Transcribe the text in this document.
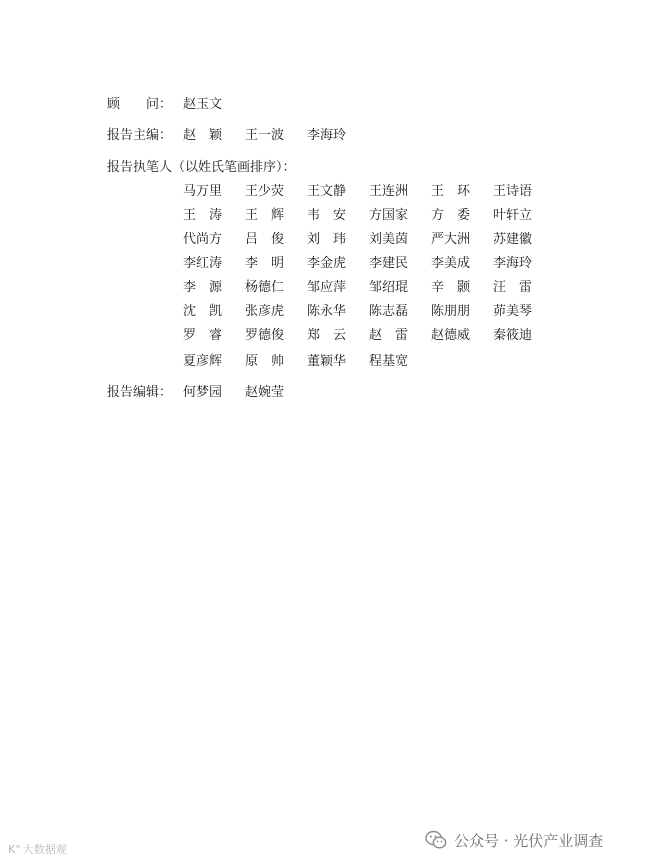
顾　　问： 赵玉文
报告主编： 赵　颖 王一波 李海玲
报告执笔人（以姓氏笔画排序）：
马万里 王少荧 王文静 王连洲 王　环 王诗语
王　涛 王　辉 韦　安 方国家 方　委 叶轩立
代尚方 吕　俊 刘　玮 刘美茵 严大洲 苏建徽
李红涛 李　明 李金虎 李建民 李美成 李海玲
李　源 杨德仁 邹应萍 邹绍琨 辛　颢 汪　雷
沈　凯 张彦虎 陈永华 陈志磊 陈朋朋 茆美琴
罗　睿 罗德俊 郑　云 赵　雷 赵德威 秦筱迪
夏彦辉 原　帅 董颖华 程基宽
报告编辑： 何梦园 赵婉莹
K° 大数据观	公众号 · 光伏产业调查
